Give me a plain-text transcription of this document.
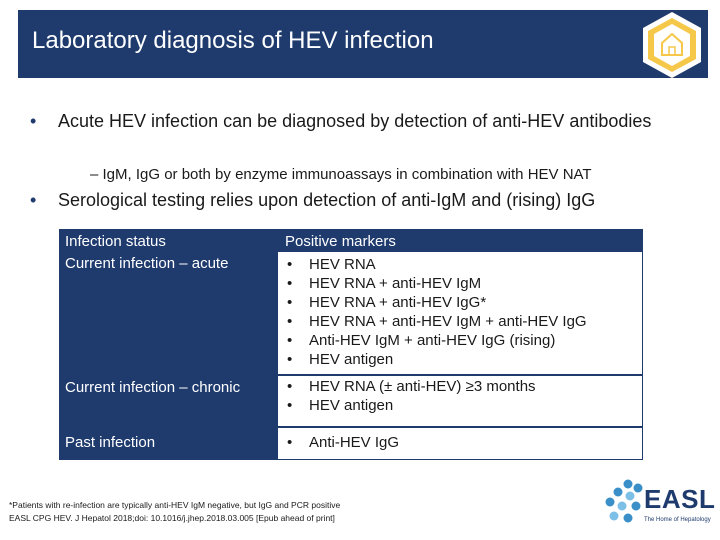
Laboratory diagnosis of HEV infection
• Acute HEV infection can be diagnosed by detection of anti-HEV antibodies
– IgM, IgG or both by enzyme immunoassays in combination with HEV NAT
• Serological testing relies upon detection of anti-IgM and (rising) IgG
Infection status	Positive markers
Current infection – acute	• HEV RNA
• HEV RNA + anti-HEV IgM
• HEV RNA + anti-HEV IgG*
• HEV RNA + anti-HEV IgM + anti-HEV IgG
• Anti-HEV IgM + anti-HEV IgG (rising)
• HEV antigen
Current infection – chronic	• HEV RNA (± anti-HEV) ≥3 months
• HEV antigen
Past infection	• Anti-HEV IgG
*Patients with re-infection are typically anti-HEV IgM negative, but IgG and PCR positive
EASL CPG HEV. J Hepatol 2018;doi: 10.1016/j.jhep.2018.03.005 [Epub ahead of print]
EASL
The Home of Hepatology
